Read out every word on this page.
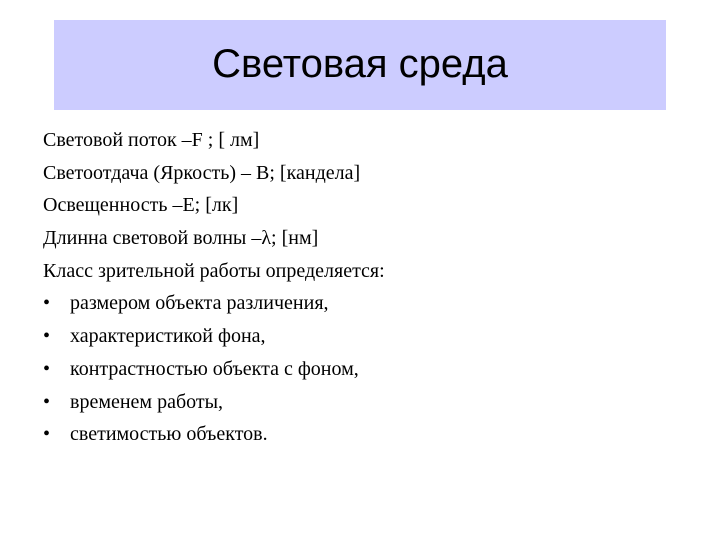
Световая среда
Световой поток –F ; [ лм]
Светоотдача (Яркость) – B; [кандела]
Освещенность –Е; [лк]
Длинна световой волны –λ; [нм]
Класс зрительной работы определяется:
• размером объекта различения,
• характеристикой фона,
• контрастностью объекта с фоном,
• временем работы,
• светимостью объектов.
